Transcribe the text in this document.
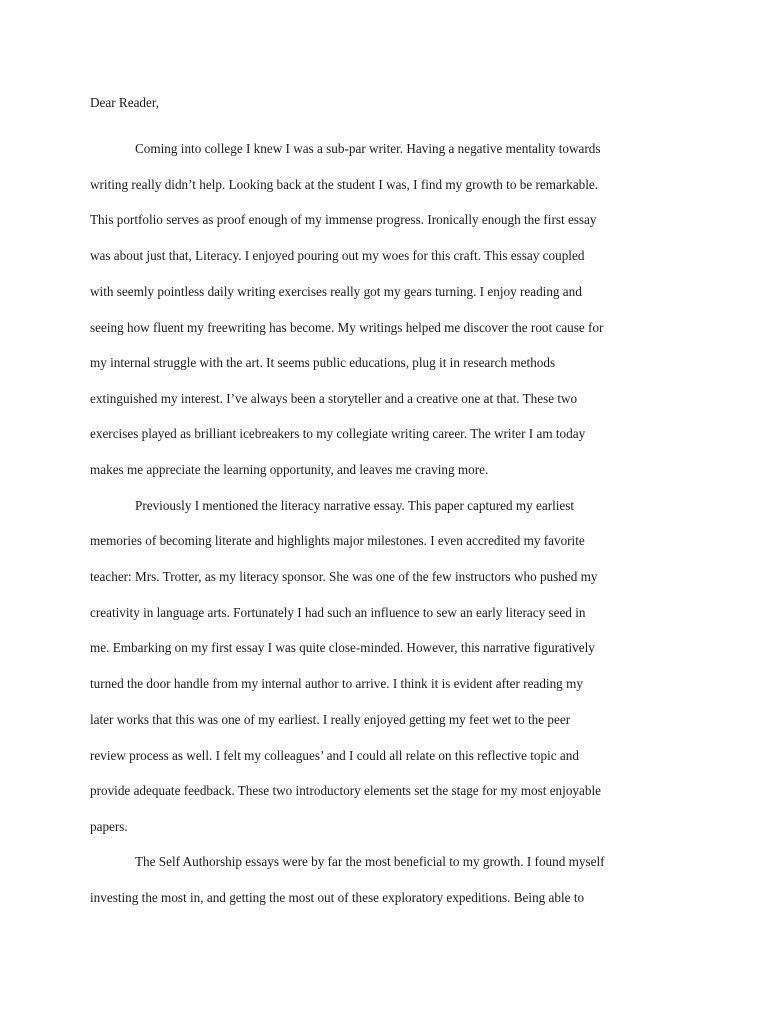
Dear Reader,
Coming into college I knew I was a sub-par writer. Having a negative mentality towards
writing really didn’t help. Looking back at the student I was, I find my growth to be remarkable.
This portfolio serves as proof enough of my immense progress. Ironically enough the first essay
was about just that, Literacy. I enjoyed pouring out my woes for this craft. This essay coupled
with seemly pointless daily writing exercises really got my gears turning. I enjoy reading and
seeing how fluent my freewriting has become. My writings helped me discover the root cause for
my internal struggle with the art. It seems public educations, plug it in research methods
extinguished my interest. I’ve always been a storyteller and a creative one at that. These two
exercises played as brilliant icebreakers to my collegiate writing career. The writer I am today
makes me appreciate the learning opportunity, and leaves me craving more.
Previously I mentioned the literacy narrative essay. This paper captured my earliest
memories of becoming literate and highlights major milestones. I even accredited my favorite
teacher: Mrs. Trotter, as my literacy sponsor. She was one of the few instructors who pushed my
creativity in language arts. Fortunately I had such an influence to sew an early literacy seed in
me. Embarking on my first essay I was quite close-minded. However, this narrative figuratively
turned the door handle from my internal author to arrive. I think it is evident after reading my
later works that this was one of my earliest. I really enjoyed getting my feet wet to the peer
review process as well. I felt my colleagues’ and I could all relate on this reflective topic and
provide adequate feedback. These two introductory elements set the stage for my most enjoyable
papers.
The Self Authorship essays were by far the most beneficial to my growth. I found myself
investing the most in, and getting the most out of these exploratory expeditions. Being able to
